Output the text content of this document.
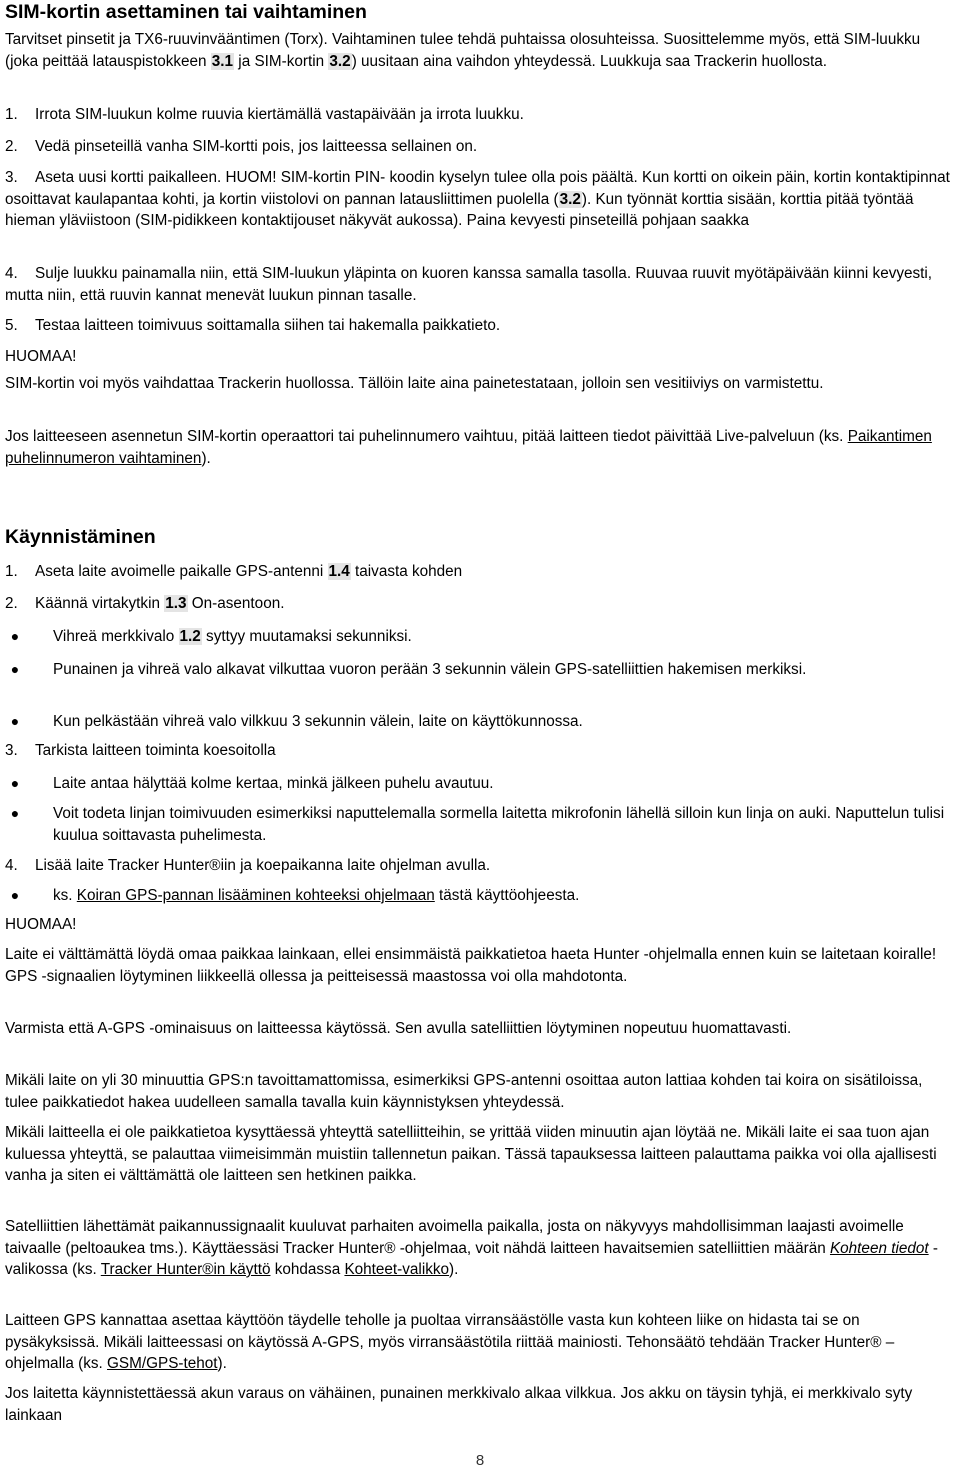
SIM-kortin asettaminen tai vaihtaminen
Tarvitset pinsetit ja TX6-ruuvinvääntimen (Torx). Vaihtaminen tulee tehdä puhtaissa olosuhteissa. Suosittelemme myös, että SIM-luukku (joka peittää latauspistokkeen 3.1 ja SIM-kortin 3.2) uusitaan aina vaihdon yhteydessä. Luukkuja saa Trackerin huollosta.
1. Irrota SIM-luukun kolme ruuvia kiertämällä vastapäivään ja irrota luukku.
2. Vedä pinseteillä vanha SIM-kortti pois, jos laitteessa sellainen on.
3. Aseta uusi kortti paikalleen. HUOM! SIM-kortin PIN- koodin kyselyn tulee olla pois päältä. Kun kortti on oikein päin, kortin kontaktipinnat osoittavat kaulapantaa kohti, ja kortin viistolovi on pannan latausliittimen puolella (3.2). Kun työnnät korttia sisään, korttia pitää työntää hieman yläviistoon (SIM-pidikkeen kontaktijouset näkyvät aukossa). Paina kevyesti pinseteillä pohjaan saakka
4. Sulje luukku painamalla niin, että SIM-luukun yläpinta on kuoren kanssa samalla tasolla. Ruuvaa ruuvit myötäpäivään kiinni kevyesti, mutta niin, että ruuvin kannat menevät luukun pinnan tasalle.
5. Testaa laitteen toimivuus soittamalla siihen tai hakemalla paikkatieto.
HUOMAA!
SIM-kortin voi myös vaihdattaa Trackerin huollossa. Tällöin laite aina painetestataan, jolloin sen vesitiiviys on varmistettu.
Jos laitteeseen asennetun SIM-kortin operaattori tai puhelinnumero vaihtuu, pitää laitteen tiedot päivittää Live-palveluun (ks. Paikantimen puhelinnumeron vaihtaminen).
Käynnistäminen
1. Aseta laite avoimelle paikalle GPS-antenni 1.4 taivasta kohden
2. Käännä virtakytkin 1.3 On-asentoon.
●	Vihreä merkkivalo 1.2 syttyy muutamaksi sekunniksi.
●	Punainen ja vihreä valo alkavat vilkuttaa vuoron perään 3 sekunnin välein GPS-satelliittien hakemisen merkiksi.
●	Kun pelkästään vihreä valo vilkkuu 3 sekunnin välein, laite on käyttökunnossa.
3. Tarkista laitteen toiminta koesoitolla
●	Laite antaa hälyttää kolme kertaa, minkä jälkeen puhelu avautuu.
●	Voit todeta linjan toimivuuden esimerkiksi naputtelemalla sormella laitetta mikrofonin lähellä silloin kun linja on auki. Naputtelun tulisi kuulua soittavasta puhelimesta.
4. Lisää laite Tracker Hunter®iin ja koepaikanna laite ohjelman avulla.
●	ks. Koiran GPS-pannan lisääminen kohteeksi ohjelmaan tästä käyttöohjeesta.
HUOMAA!
Laite ei välttämättä löydä omaa paikkaa lainkaan, ellei ensimmäistä paikkatietoa haeta Hunter -ohjelmalla ennen kuin se laitetaan koiralle! GPS -signaalien löytyminen liikkeellä ollessa ja peitteisessä maastossa voi olla mahdotonta.
Varmista että A-GPS -ominaisuus on laitteessa käytössä. Sen avulla satelliittien löytyminen nopeutuu huomattavasti.
Mikäli laite on yli 30 minuuttia GPS:n tavoittamattomissa, esimerkiksi GPS-antenni osoittaa auton lattiaa kohden tai koira on sisätiloissa, tulee paikkatiedot hakea uudelleen samalla tavalla kuin käynnistyksen yhteydessä.
Mikäli laitteella ei ole paikkatietoa kysyttäessä yhteyttä satelliitteihin, se yrittää viiden minuutin ajan löytää ne. Mikäli laite ei saa tuon ajan kuluessa yhteyttä, se palauttaa viimeisimmän muistiin tallennetun paikan. Tässä tapauksessa laitteen palauttama paikka voi olla ajallisesti vanha ja siten ei välttämättä ole laitteen sen hetkinen paikka.
Satelliittien lähettämät paikannussignaalit kuuluvat parhaiten avoimella paikalla, josta on näkyvyys mahdollisimman laajasti avoimelle taivaalle (peltoaukea tms.). Käyttäessäsi Tracker Hunter® -ohjelmaa, voit nähdä laitteen havaitsemien satelliittien määrän Kohteen tiedot -valikossa (ks. Tracker Hunter®in käyttö kohdassa Kohteet-valikko).
Laitteen GPS kannattaa asettaa käyttöön täydelle teholle ja puoltaa virransäästölle vasta kun kohteen liike on hidasta tai se on pysäkyksissä. Mikäli laitteessasi on käytössä A-GPS, myös virransäästötila riittää mainiosti. Tehonsäätö tehdään Tracker Hunter® –ohjelmalla (ks. GSM/GPS-tehot).
Jos laitetta käynnistettäessä akun varaus on vähäinen, punainen merkkivalo alkaa vilkkua. Jos akku on täysin tyhjä, ei merkkivalo syty lainkaan
8
